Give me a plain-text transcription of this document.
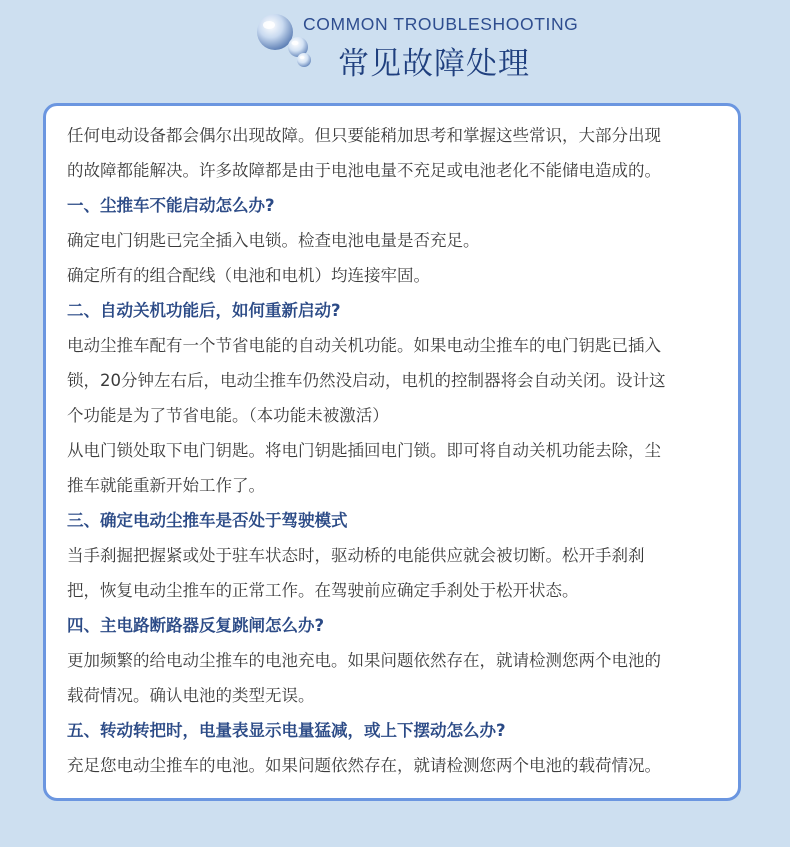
COMMON TROUBLESHOOTING
常见故障处理
任何电动设备都会偶尔出现故障。但只要能稍加思考和掌握这些常识，大部分出现
的故障都能解决。许多故障都是由于电池电量不充足或电池老化不能储电造成的。
一、尘推车不能启动怎么办?
确定电门钥匙已完全插入电锁。检查电池电量是否充足。
确定所有的组合配线（电池和电机）均连接牢固。
二、自动关机功能后，如何重新启动?
电动尘推车配有一个节省电能的自动关机功能。如果电动尘推车的电门钥匙已插入
锁，20分钟左右后，电动尘推车仍然没启动，电机的控制器将会自动关闭。设计这
个功能是为了节省电能。（本功能未被激活）
从电门锁处取下电门钥匙。将电门钥匙插回电门锁。即可将自动关机功能去除，尘
推车就能重新开始工作了。
三、确定电动尘推车是否处于驾驶模式
当手刹掘把握紧或处于驻车状态时，驱动桥的电能供应就会被切断。松开手刹刹
把，恢复电动尘推车的正常工作。在驾驶前应确定手刹处于松开状态。
四、主电路断路器反复跳闸怎么办?
更加频繁的给电动尘推车的电池充电。如果问题依然存在，就请检测您两个电池的
载荷情况。确认电池的类型无误。
五、转动转把时，电量表显示电量猛减，或上下摆动怎么办?
充足您电动尘推车的电池。如果问题依然存在，就请检测您两个电池的载荷情况。
